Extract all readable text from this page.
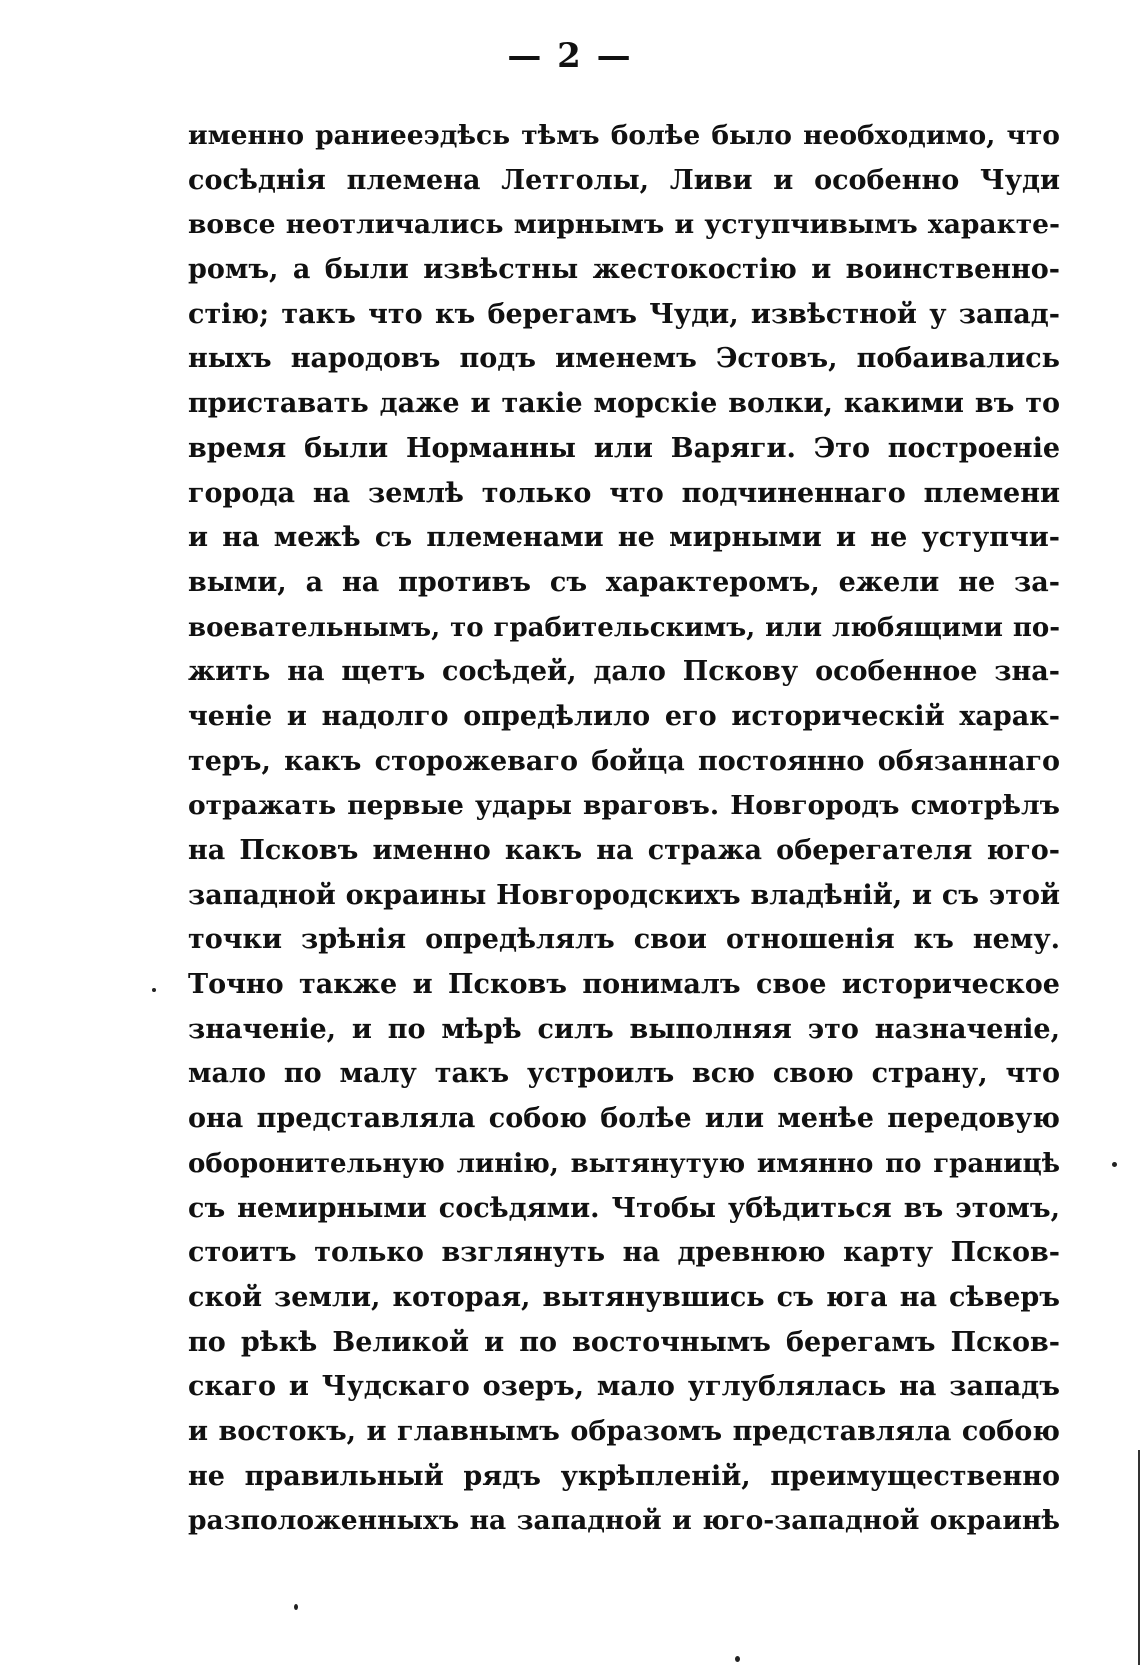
— 2 —
именно раниееэдѣсь тѣмъ болѣе было необходимо, что
сосѣднія племена Летголы, Ливи и особенно Чуди
вовсе неотличались мирнымъ и уступчивымъ характе-
ромъ, а были извѣстны жестокостію и воинственно-
стію; такъ что къ берегамъ Чуди, извѣстной у запад-
ныхъ народовъ подъ именемъ Эстовъ, побаивались
приставать даже и такіе морскіе волки, какими въ то
время были Норманны или Варяги. Это построеніе
города на землѣ только что подчиненнаго племени
и на межѣ съ племенами не мирными и не уступчи-
выми, а на противъ съ характеромъ, ежели не за-
воевательнымъ, то грабительскимъ, или любящими по-
жить на щетъ сосѣдей, дало Пскову особенное зна-
ченіе и надолго опредѣлило его историческій харак-
теръ, какъ сторожеваго бойца постоянно обязаннаго
отражать первые удары враговъ. Новгородъ смотрѣлъ
на Псковъ именно какъ на стража оберегателя юго-
западной окраины Новгородскихъ владѣній, и съ этой
точки зрѣнія опредѣлялъ свои отношенія къ нему.
Точно также и Псковъ понималъ свое историческое
значеніе, и по мѣрѣ силъ выполняя это назначеніе,
мало по малу такъ устроилъ всю свою страну, что
она представляла собою болѣе или менѣе передовую
оборонительную линію, вытянутую имянно по границѣ
съ немирными сосѣдями. Чтобы убѣдиться въ этомъ,
стоитъ только взглянуть на древнюю карту Псков-
ской земли, которая, вытянувшись съ юга на сѣверъ
по рѣкѣ Великой и по восточнымъ берегамъ Псков-
скаго и Чудскаго озеръ, мало углублялась на западъ
и востокъ, и главнымъ образомъ представляла собою
не правильный рядъ укрѣпленій, преимущественно
разположенныхъ на западной и юго-западной окраинѣ
